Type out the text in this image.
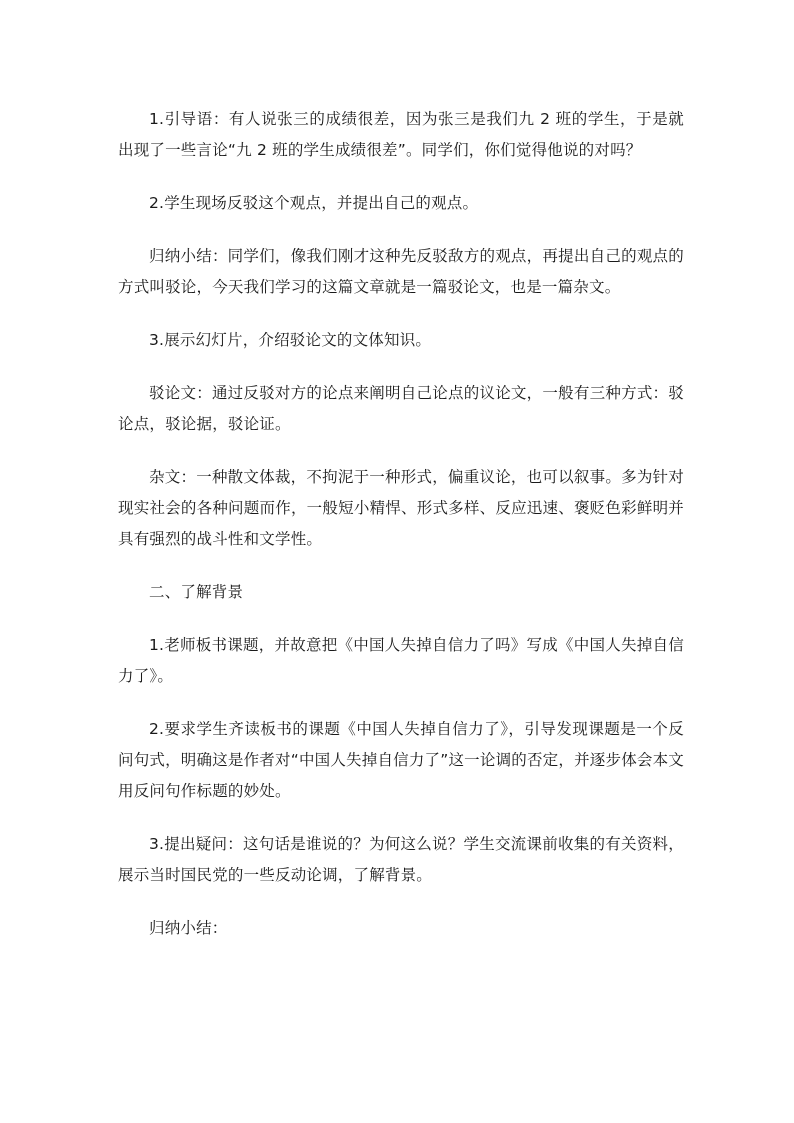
1.引导语：有人说张三的成绩很差，因为张三是我们九 2 班的学生，于是就出现了一些言论“九 2 班的学生成绩很差”。同学们，你们觉得他说的对吗？

2.学生现场反驳这个观点，并提出自己的观点。

归纳小结：同学们，像我们刚才这种先反驳敌方的观点，再提出自己的观点的方式叫驳论，今天我们学习的这篇文章就是一篇驳论文，也是一篇杂文。

3.展示幻灯片，介绍驳论文的文体知识。

驳论文：通过反驳对方的论点来阐明自己论点的议论文，一般有三种方式：驳论点，驳论据，驳论证。

杂文：一种散文体裁，不拘泥于一种形式，偏重议论，也可以叙事。多为针对现实社会的各种问题而作，一般短小精悍、形式多样、反应迅速、褒贬色彩鲜明并具有强烈的战斗性和文学性。

二、了解背景

1.老师板书课题，并故意把《中国人失掉自信力了吗》写成《中国人失掉自信力了》。

2.要求学生齐读板书的课题《中国人失掉自信力了》，引导发现课题是一个反问句式，明确这是作者对“中国人失掉自信力了”这一论调的否定，并逐步体会本文用反问句作标题的妙处。

3.提出疑问：这句话是谁说的？为何这么说？学生交流课前收集的有关资料，展示当时国民党的一些反动论调，了解背景。

归纳小结：
